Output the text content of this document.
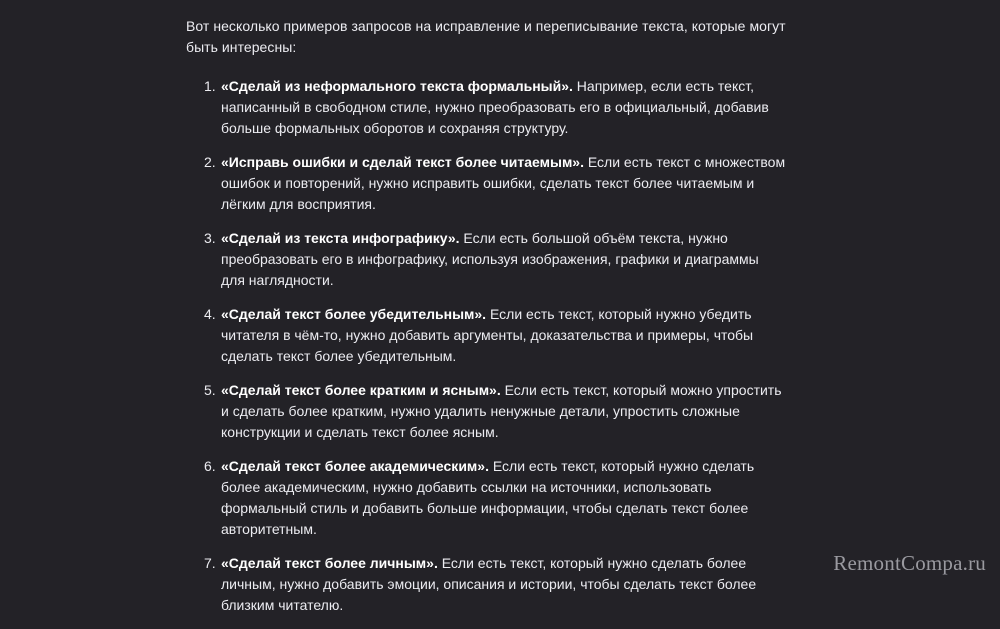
Вот несколько примеров запросов на исправление и переписывание текста, которые могут быть интересны:

1. «Сделай из неформального текста формальный». Например, если есть текст, написанный в свободном стиле, нужно преобразовать его в официальный, добавив больше формальных оборотов и сохраняя структуру.
2. «Исправь ошибки и сделай текст более читаемым». Если есть текст с множеством ошибок и повторений, нужно исправить ошибки, сделать текст более читаемым и лёгким для восприятия.
3. «Сделай из текста инфографику». Если есть большой объём текста, нужно преобразовать его в инфографику, используя изображения, графики и диаграммы для наглядности.
4. «Сделай текст более убедительным». Если есть текст, который нужно убедить читателя в чём-то, нужно добавить аргументы, доказательства и примеры, чтобы сделать текст более убедительным.
5. «Сделай текст более кратким и ясным». Если есть текст, который можно упростить и сделать более кратким, нужно удалить ненужные детали, упростить сложные конструкции и сделать текст более ясным.
6. «Сделай текст более академическим». Если есть текст, который нужно сделать более академическим, нужно добавить ссылки на источники, использовать формальный стиль и добавить больше информации, чтобы сделать текст более авторитетным.
7. «Сделай текст более личным». Если есть текст, который нужно сделать более личным, нужно добавить эмоции, описания и истории, чтобы сделать текст более близким читателю.
RemontCompa.ru
